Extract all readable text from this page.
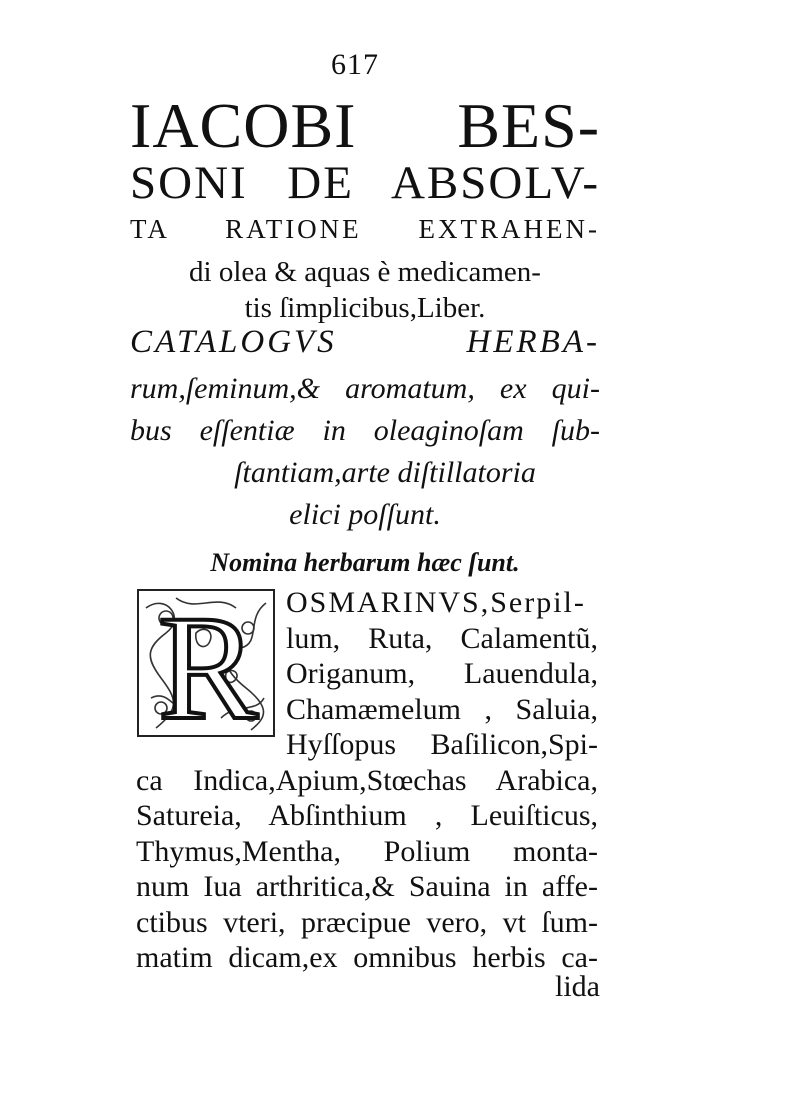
617
IACOBI BES-
SONI DE ABSOLV-
TA RATIONE EXTRAHEN-
di olea & aquas è medicamen-
tis ſimplicibus,Liber.
CATALOGVS HERBA-
rum,ſeminum,& aromatum, ex qui-
bus eſſentiæ in oleaginoſam ſub-
ſtantiam,arte diſtillatoria
elici poſſunt.
Nomina herbarum hæc ſunt.
R OSMARINVS,Serpil-
lum, Ruta, Calamentũ,
Origanum, Lauendula,
Chamæmelum , Saluia,
Hyſſopus Baſilicon,Spi-
ca Indica,Apium,Stœchas Arabica,
Satureia, Abſinthium , Leuiſticus,
Thymus,Mentha, Polium monta-
num Iua arthritica,& Sauina in affe-
ctibus vteri, præcipue vero, vt ſum-
matim dicam,ex omnibus herbis ca-
lida
